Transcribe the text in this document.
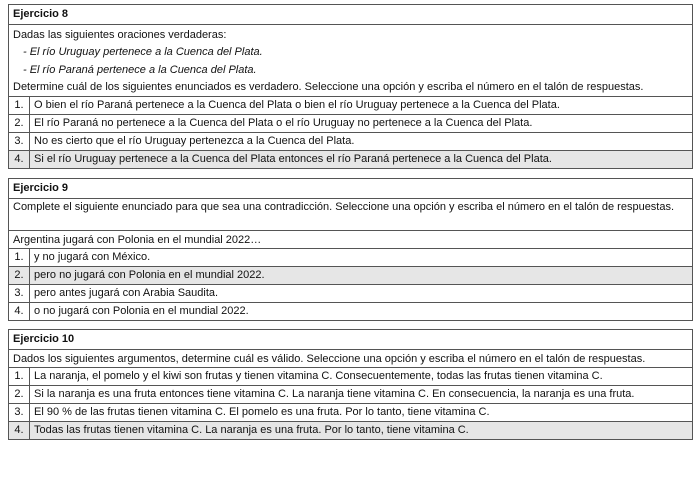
Ejercicio 8
Dadas las siguientes oraciones verdaderas:
- El río Uruguay pertenece a la Cuenca del Plata.
- El río Paraná pertenece a la Cuenca del Plata.
Determine cuál de los siguientes enunciados es verdadero. Seleccione una opción y escriba el número en el talón de respuestas.
1. O bien el río Paraná pertenece a la Cuenca del Plata o bien el río Uruguay pertenece a la Cuenca del Plata.
2. El río Paraná no pertenece a la Cuenca del Plata o el río Uruguay no pertenece a la Cuenca del Plata.
3. No es cierto que el río Uruguay pertenezca a la Cuenca del Plata.
4. Si el río Uruguay pertenece a la Cuenca del Plata entonces el río Paraná pertenece a la Cuenca del Plata.
Ejercicio 9
Complete el siguiente enunciado para que sea una contradicción. Seleccione una opción y escriba el número en el talón de respuestas.
Argentina jugará con Polonia en el mundial 2022…
1. y no jugará con México.
2. pero no jugará con Polonia en el mundial 2022.
3. pero antes jugará con Arabia Saudita.
4. o no jugará con Polonia en el mundial 2022.
Ejercicio 10
Dados los siguientes argumentos, determine cuál es válido. Seleccione una opción y escriba el número en el talón de respuestas.
1. La naranja, el pomelo y el kiwi son frutas y tienen vitamina C. Consecuentemente, todas las frutas tienen vitamina C.
2. Si la naranja es una fruta entonces tiene vitamina C. La naranja tiene vitamina C. En consecuencia, la naranja es una fruta.
3. El 90 % de las frutas tienen vitamina C. El pomelo es una fruta. Por lo tanto, tiene vitamina C.
4. Todas las frutas tienen vitamina C. La naranja es una fruta. Por lo tanto, tiene vitamina C.
